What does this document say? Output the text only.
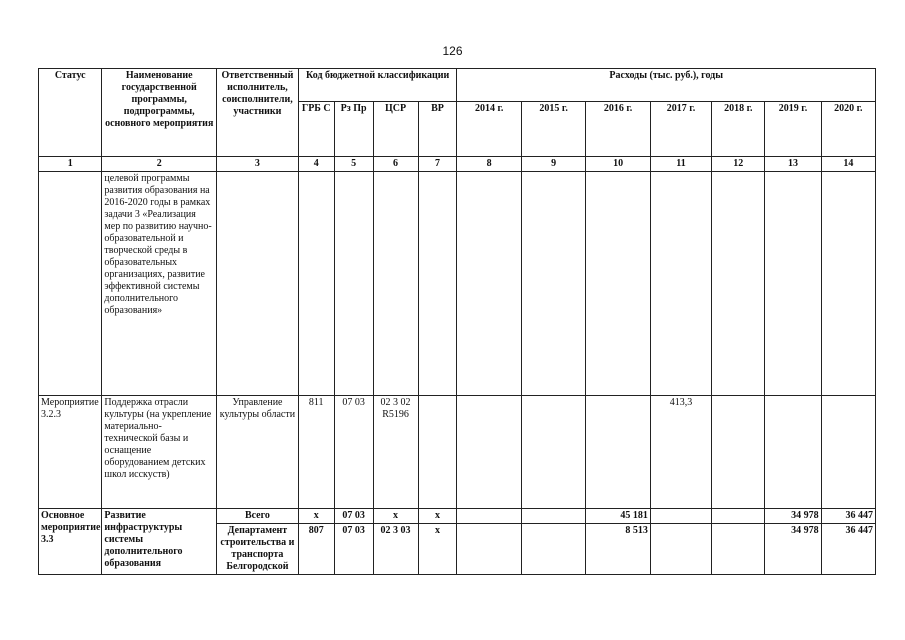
126
Статус	Наименование государственной программы, подпрограммы, основного мероприятия	Ответственный исполнитель, соисполнители, участники	Код бюджетной классификации				Расходы (тыс. руб.), годы						
			ГРБ С	Рз Пр	ЦСР	ВР	2014 г.	2015 г.	2016 г.	2017 г.	2018 г.	2019 г.	2020 г.
1	2	3	4	5	6	7	8	9	10	11	12	13	14
	целевой программы развития образования на 2016-2020 годы в рамках задачи 3 «Реализация мер по развитию научно-образовательной и творческой среды в образовательных организациях, развитие эффективной системы дополнительного образования»												
Мероприятие 3.2.3	Поддержка отрасли культуры (на укрепление материально-технической базы и оснащение оборудованием детских школ исскуств)	Управление культуры области	811	07 03	02 3 02 R5196					413,3			
Основное мероприятие 3.3	Развитие инфраструктуры системы дополнительного образования	Всего	х	07 03	х	х			45 181			34 978	36 447
		Департамент строительства и транспорта Белгородской	807	07 03	02 3 03	х			8 513			34 978	36 447
